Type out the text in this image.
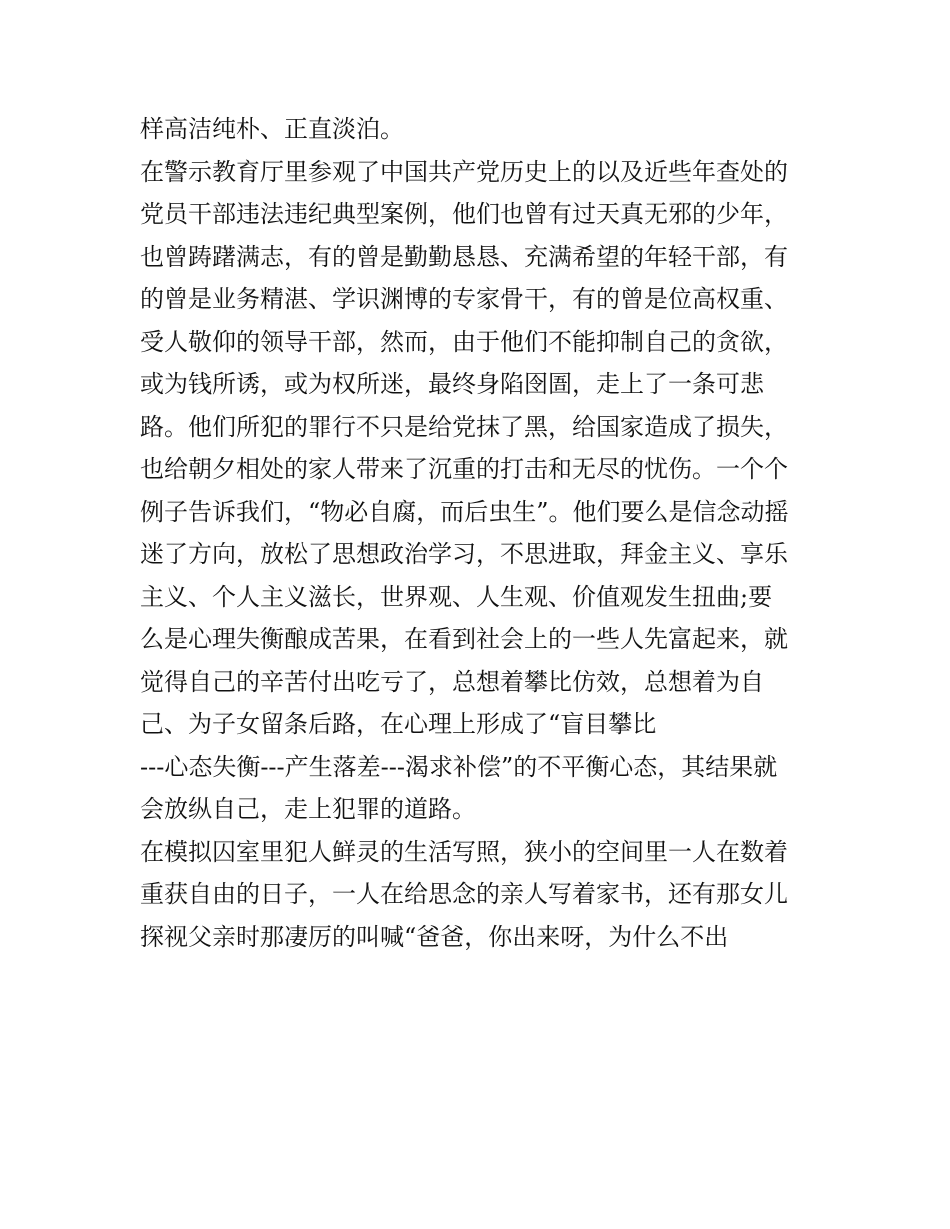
样高洁纯朴、正直淡泊。
在警示教育厅里参观了中国共产党历史上的以及近些年查处的
党员干部违法违纪典型案例，他们也曾有过天真无邪的少年，
也曾踌躇满志，有的曾是勤勤恳恳、充满希望的年轻干部，有
的曾是业务精湛、学识渊博的专家骨干，有的曾是位高权重、
受人敬仰的领导干部，然而，由于他们不能抑制自己的贪欲，
或为钱所诱，或为权所迷，最终身陷囹圄，走上了一条可悲
路。他们所犯的罪行不只是给党抹了黑，给国家造成了损失，
也给朝夕相处的家人带来了沉重的打击和无尽的忧伤。一个个
例子告诉我们，“物必自腐，而后虫生”。他们要么是信念动摇
迷了方向，放松了思想政治学习，不思进取，拜金主义、享乐
主义、个人主义滋长，世界观、人生观、价值观发生扭曲;要
么是心理失衡酿成苦果，在看到社会上的一些人先富起来，就
觉得自己的辛苦付出吃亏了，总想着攀比仿效，总想着为自
己、为子女留条后路，在心理上形成了“盲目攀比
---心态失衡---产生落差---渴求补偿”的不平衡心态，其结果就
会放纵自己，走上犯罪的道路。
在模拟囚室里犯人鲜灵的生活写照，狭小的空间里一人在数着
重获自由的日子，一人在给思念的亲人写着家书，还有那女儿
探视父亲时那凄厉的叫喊“爸爸，你出来呀，为什么不出
